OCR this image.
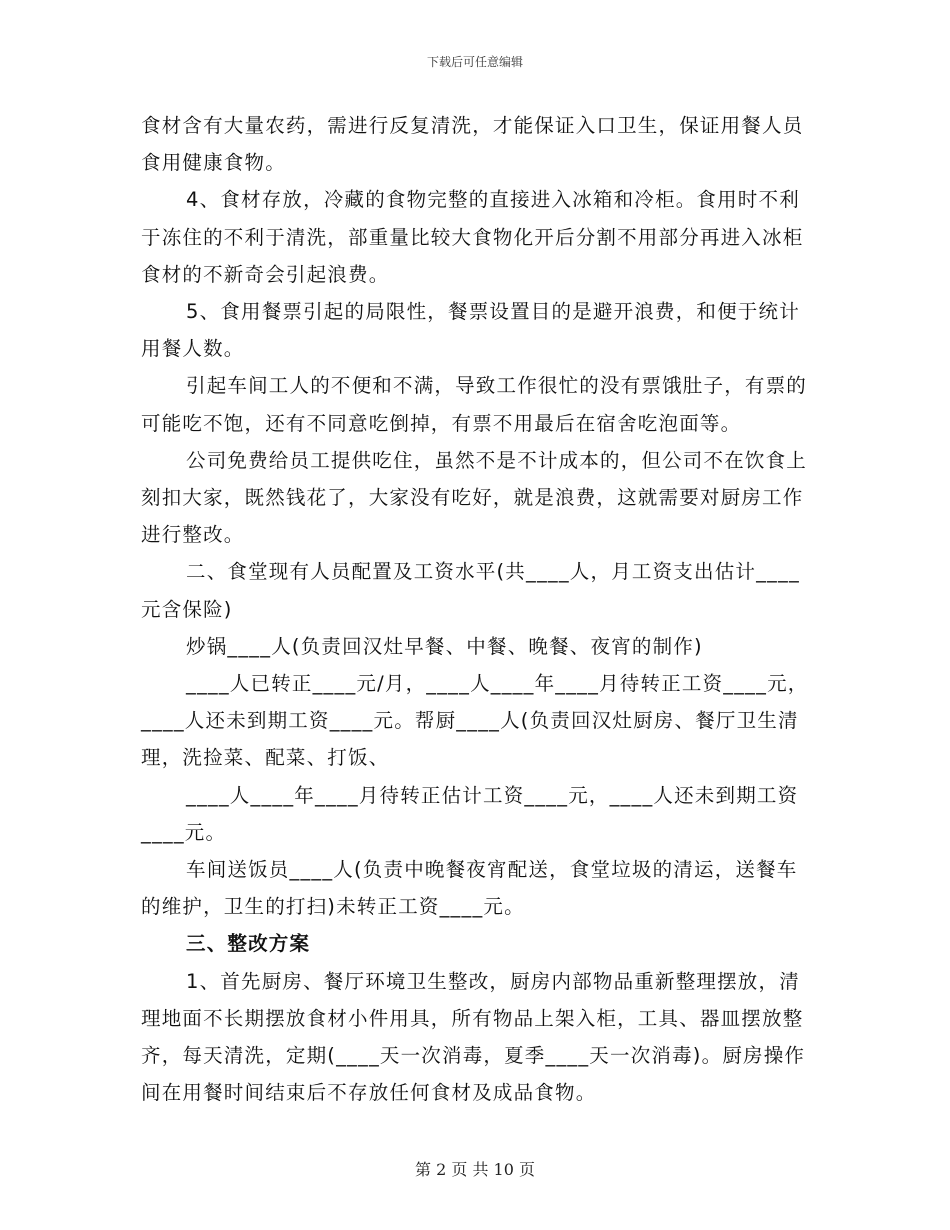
下载后可任意编辑

食材含有大量农药，需进行反复清洗，才能保证入口卫生，保证用餐人员食用健康食物。

4、食材存放，冷藏的食物完整的直接进入冰箱和冷柜。食用时不利于冻住的不利于清洗，部重量比较大食物化开后分割不用部分再进入冰柜食材的不新奇会引起浪费。

5、食用餐票引起的局限性，餐票设置目的是避开浪费，和便于统计用餐人数。

引起车间工人的不便和不满，导致工作很忙的没有票饿肚子，有票的可能吃不饱，还有不同意吃倒掉，有票不用最后在宿舍吃泡面等。

公司免费给员工提供吃住，虽然不是不计成本的，但公司不在饮食上刻扣大家，既然钱花了，大家没有吃好，就是浪费，这就需要对厨房工作进行整改。

二、食堂现有人员配置及工资水平(共____人，月工资支出估计____元含保险)

炒锅____人(负责回汉灶早餐、中餐、晚餐、夜宵的制作)

____人已转正____元/月，____人____年____月待转正工资____元，____人还未到期工资____元。帮厨____人(负责回汉灶厨房、餐厅卫生清理，洗捡菜、配菜、打饭、

____人____年____月待转正估计工资____元，____人还未到期工资____元。

车间送饭员____人(负责中晚餐夜宵配送，食堂垃圾的清运，送餐车的维护，卫生的打扫)未转正工资____元。

三、整改方案

1、首先厨房、餐厅环境卫生整改，厨房内部物品重新整理摆放，清理地面不长期摆放食材小件用具，所有物品上架入柜，工具、器皿摆放整齐，每天清洗，定期(____天一次消毒，夏季____天一次消毒)。厨房操作间在用餐时间结束后不存放任何食材及成品食物。

第 2 页 共 10 页
